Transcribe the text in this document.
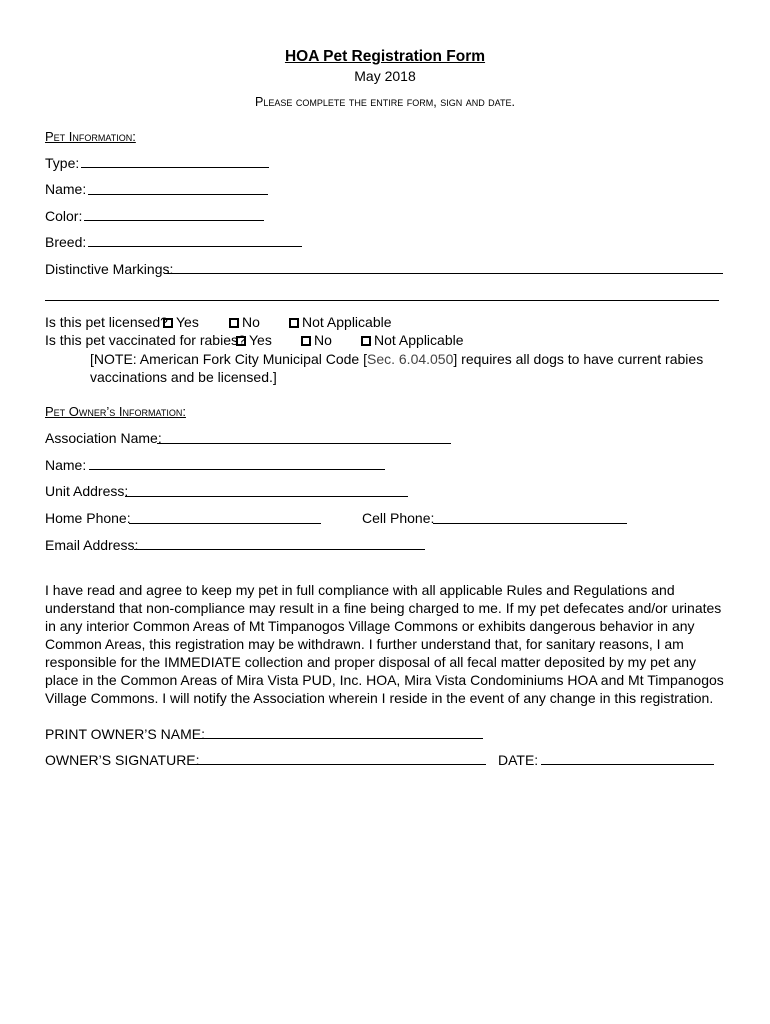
HOA Pet Registration Form
May 2018
Please complete the entire form, sign and date.
Pet Information:
Type:
Name:
Color:
Breed:
Distinctive Markings:
Is this pet licensed? Yes	No	Not Applicable
Is this pet vaccinated for rabies? Yes	No	Not Applicable
[NOTE: American Fork City Municipal Code [Sec. 6.04.050] requires all dogs to have current rabies vaccinations and be licensed.]
Pet Owner’s Information:
Association Name:
Name:
Unit Address:
Home Phone:	Cell Phone:
Email Address:
I have read and agree to keep my pet in full compliance with all applicable Rules and Regulations and understand that non-compliance may result in a fine being charged to me. If my pet defecates and/or urinates in any interior Common Areas of Mt Timpanogos Village Commons or exhibits dangerous behavior in any Common Areas, this registration may be withdrawn. I further understand that, for sanitary reasons, I am responsible for the IMMEDIATE collection and proper disposal of all fecal matter deposited by my pet any place in the Common Areas of Mira Vista PUD, Inc. HOA, Mira Vista Condominiums HOA and Mt Timpanogos Village Commons. I will notify the Association wherein I reside in the event of any change in this registration.
PRINT OWNER’S NAME:
OWNER’S SIGNATURE:	DATE:
